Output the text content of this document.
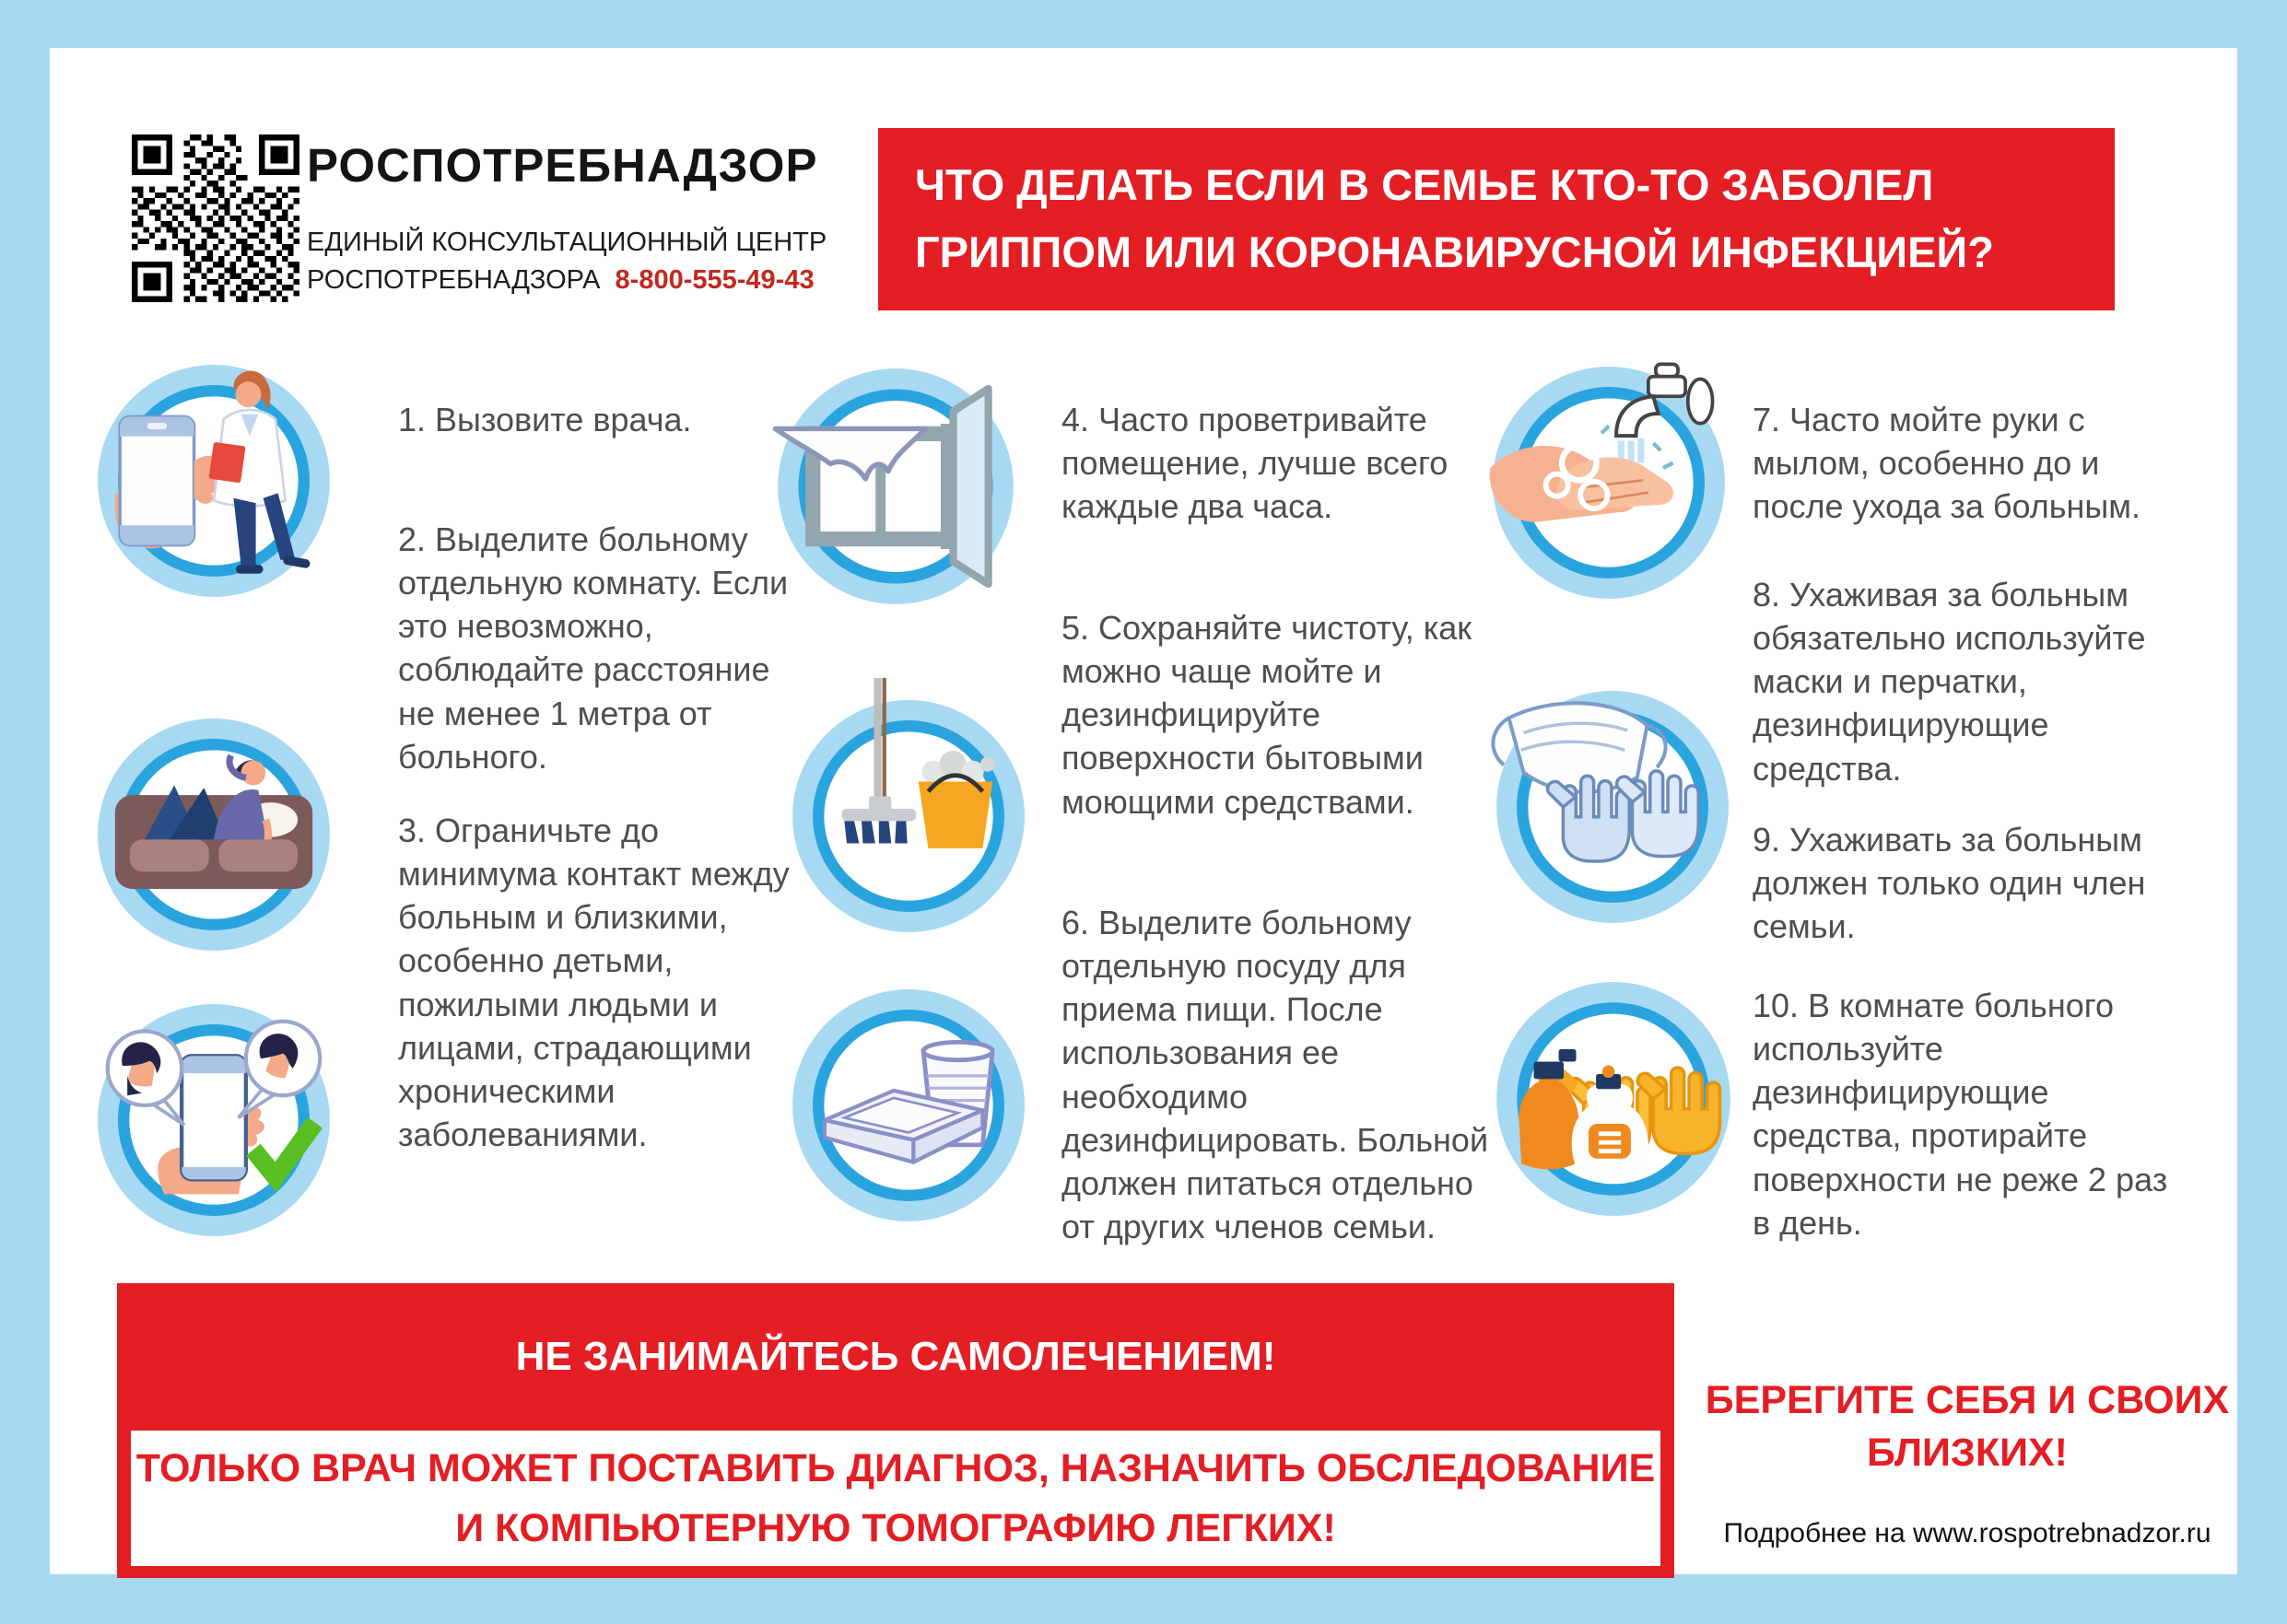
РОСПОТРЕБНАДЗОР
ЕДИНЫЙ КОНСУЛЬТАЦИОННЫЙ ЦЕНТР
РОСПОТРЕБНАДЗОРА 8-800-555-49-43
ЧТО ДЕЛАТЬ ЕСЛИ В СЕМЬЕ КТО-ТО ЗАБОЛЕЛ
ГРИППОМ ИЛИ КОРОНАВИРУСНОЙ ИНФЕКЦИЕЙ?
1. Вызовите врача.
2. Выделите больному отдельную комнату. Если это невозможно, соблюдайте расстояние не менее 1 метра от больного.
3. Ограничьте до минимума контакт между больным и близкими, особенно детьми, пожилыми людьми и лицами, страдающими хроническими заболеваниями.
4. Часто проветривайте помещение, лучше всего каждые два часа.
5. Сохраняйте чистоту, как можно чаще мойте и дезинфицируйте поверхности бытовыми моющими средствами.
6. Выделите больному отдельную посуду для приема пищи. После использования ее необходимо дезинфицировать. Больной должен питаться отдельно от других членов семьи.
7. Часто мойте руки с мылом, особенно до и после ухода за больным.
8. Ухаживая за больным обязательно используйте маски и перчатки, дезинфицирующие средства.
9. Ухаживать за больным должен только один член семьи.
10. В комнате больного используйте дезинфицирующие средства, протирайте поверхности не реже 2 раз в день.
НЕ ЗАНИМАЙТЕСЬ САМОЛЕЧЕНИЕМ!
ТОЛЬКО ВРАЧ МОЖЕТ ПОСТАВИТЬ ДИАГНОЗ, НАЗНАЧИТЬ ОБСЛЕДОВАНИЕ
И КОМПЬЮТЕРНУЮ ТОМОГРАФИЮ ЛЕГКИХ!
БЕРЕГИТЕ СЕБЯ И СВОИХ БЛИЗКИХ!
Подробнее на www.rospotrebnadzor.ru
